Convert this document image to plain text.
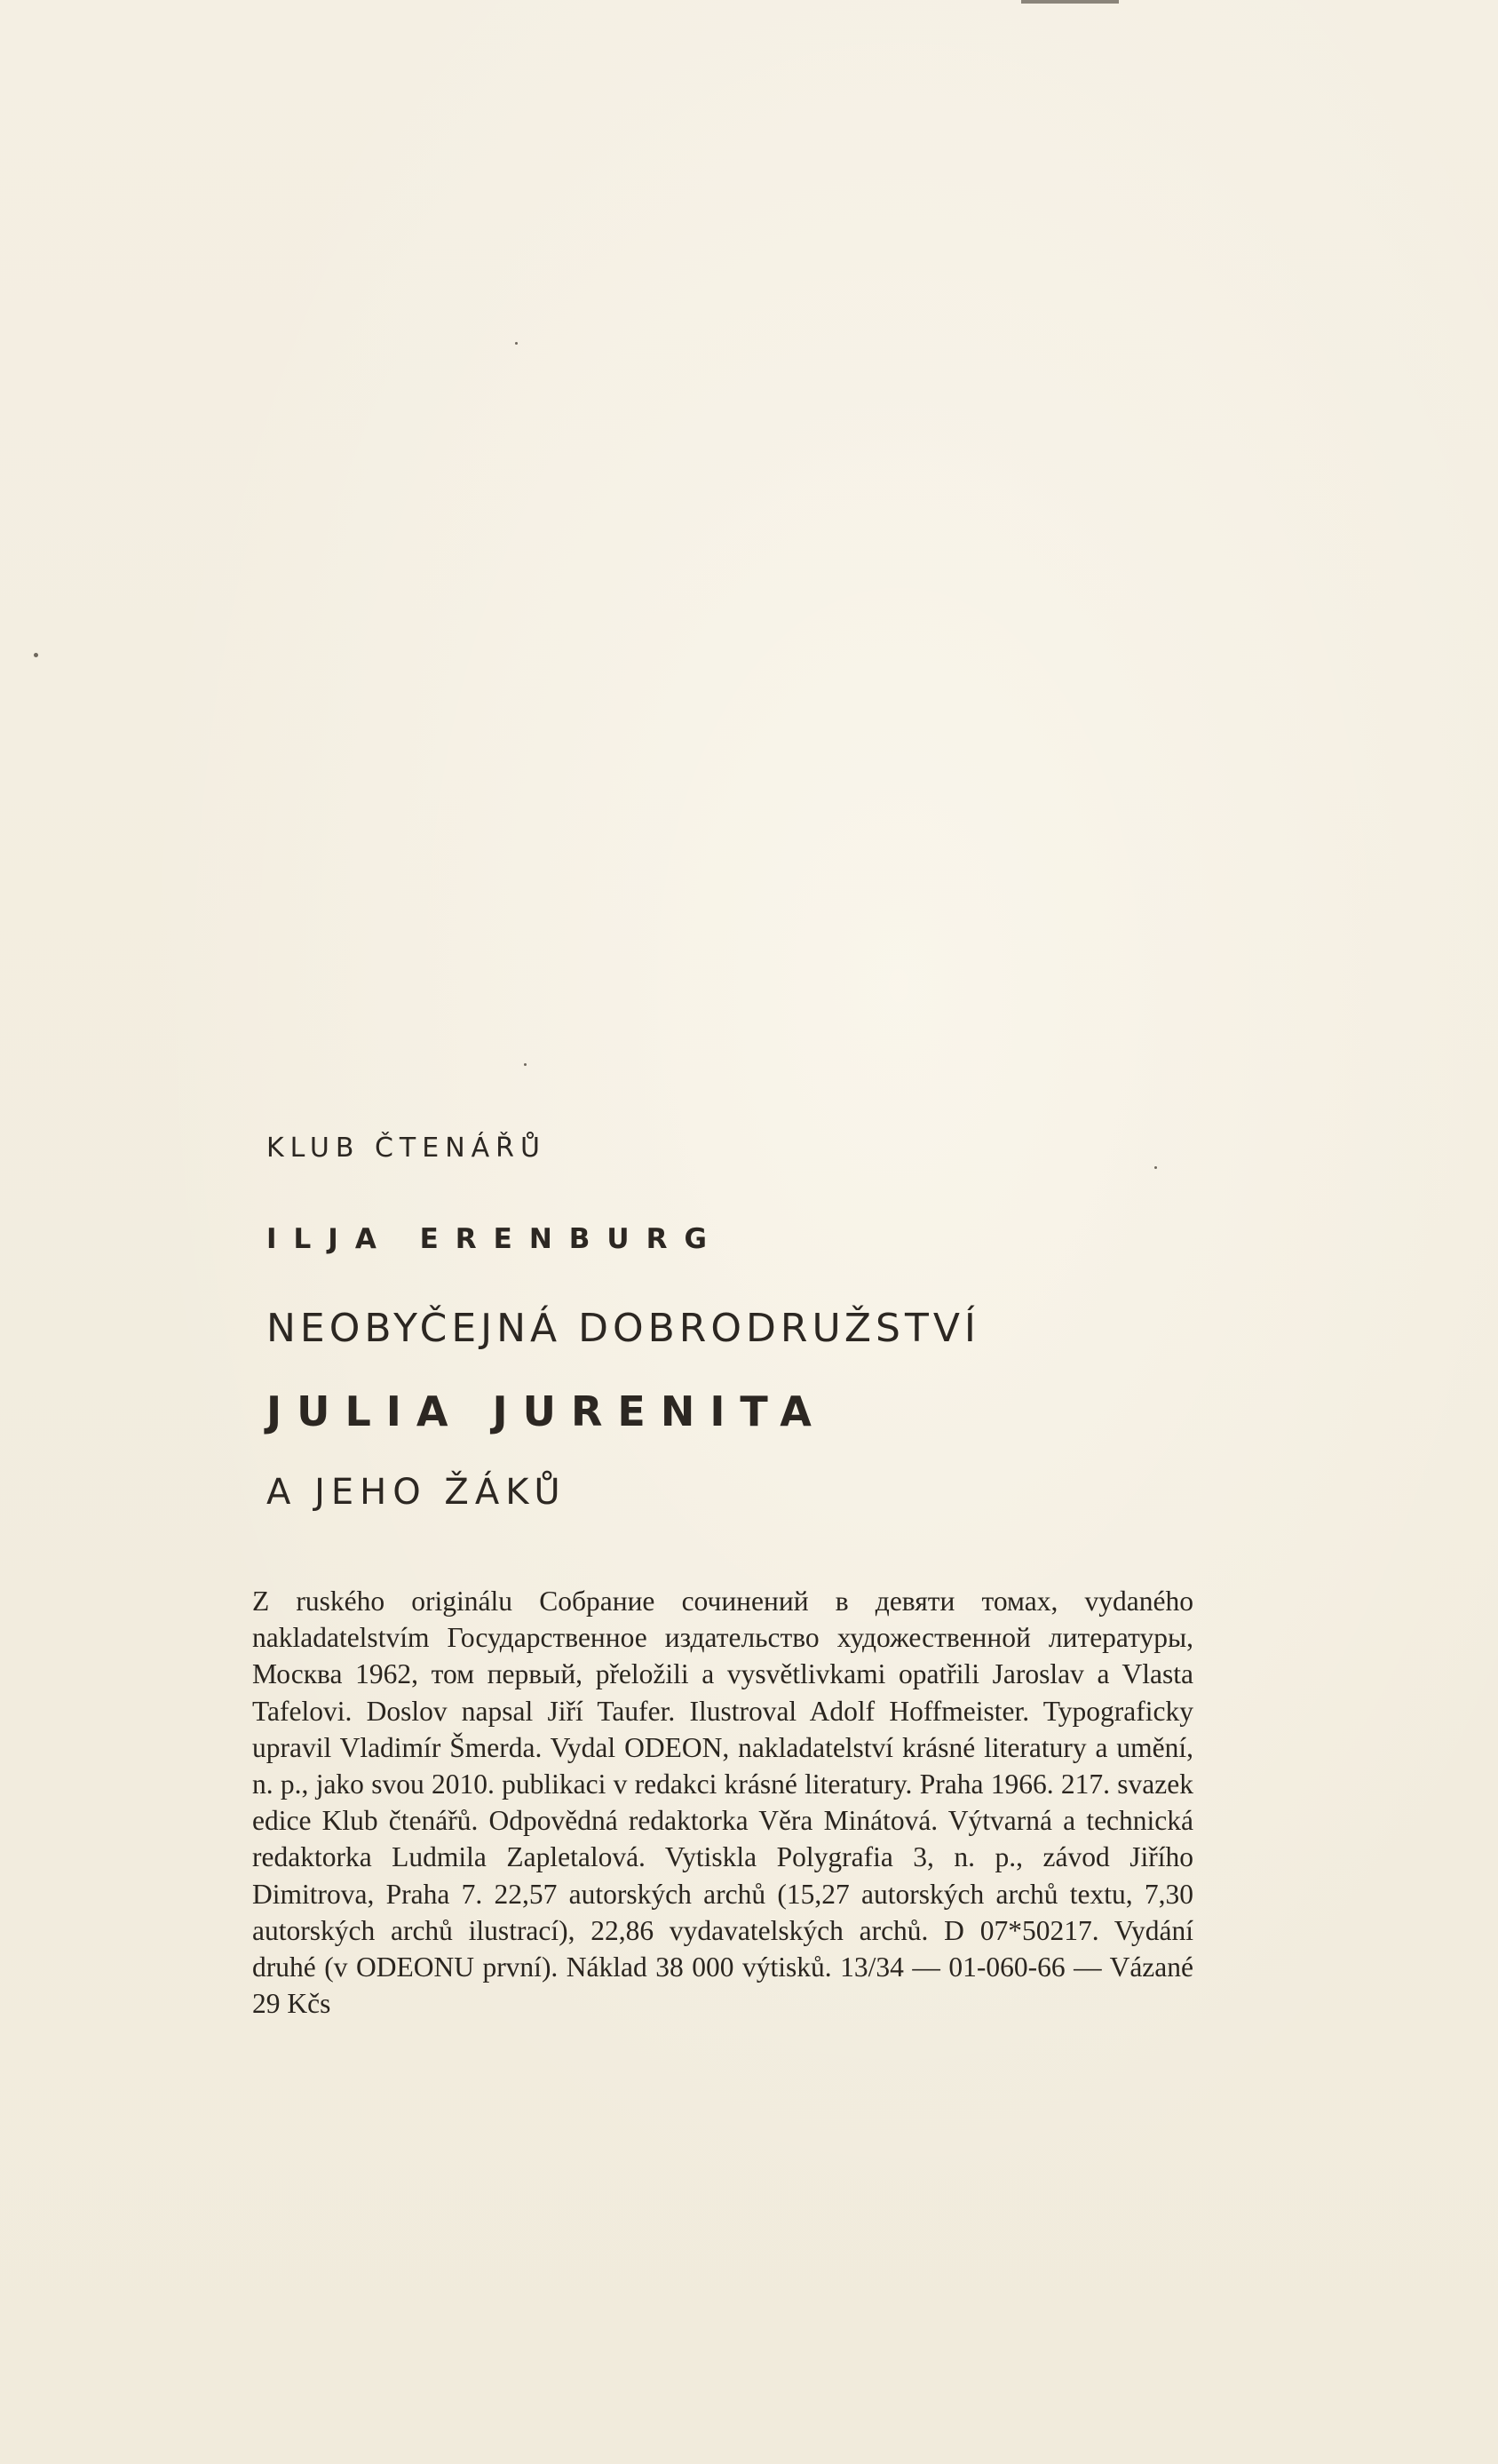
KLUB ČTENÁŘŮ
ILJA ERENBURG
NEOBYČEJNÁ DOBRODRUŽSTVÍ
JULIA JURENITA
A JEHO ŽÁKŮ

Z ruského originálu Собрание сочинений в девяти томах, vydaného nakladatelstvím Государственное издательство художественной литературы, Москва 1962, том первый, přeložili a vysvětlivkami opatřili Jaroslav a Vlasta Tafelovi. Doslov napsal Jiří Taufer. Ilustroval Adolf Hoffmeister. Typograficky upravil Vladimír Šmerda. Vydal ODEON, nakladatelství krásné literatury a umění, n. p., jako svou 2010. publikaci v redakci krásné literatury. Praha 1966. 217. svazek edice Klub čtenářů. Odpovědná redaktorka Věra Minátová. Výtvarná a technická redaktorka Ludmila Zapletalová. Vytiskla Polygrafia 3, n. p., závod Jiřího Dimitrova, Praha 7. 22,57 autorských archů (15,27 autorských archů textu, 7,30 autorských archů ilustrací), 22,86 vydavatelských archů. D 07*50217. Vydání druhé (v ODEONU první). Náklad 38 000 výtisků. 13/34 — 01-060-66 — Vázané 29 Kčs
